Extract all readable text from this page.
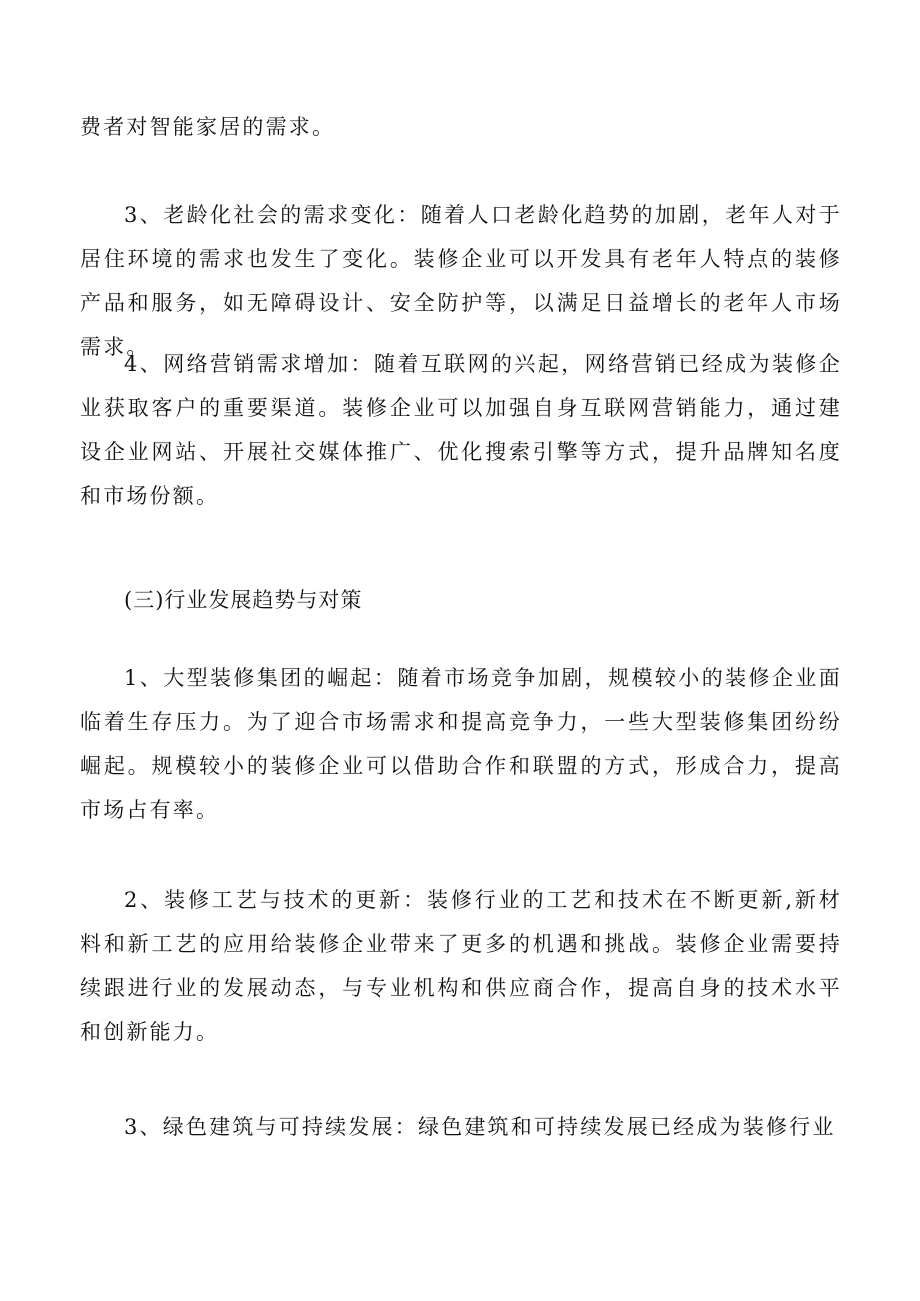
费者对智能家居的需求。

3、老龄化社会的需求变化：随着人口老龄化趋势的加剧，老年人对于居住环境的需求也发生了变化。装修企业可以开发具有老年人特点的装修产品和服务，如无障碍设计、安全防护等，以满足日益增长的老年人市场需求。

4、网络营销需求增加：随着互联网的兴起，网络营销已经成为装修企业获取客户的重要渠道。装修企业可以加强自身互联网营销能力，通过建设企业网站、开展社交媒体推广、优化搜索引擎等方式，提升品牌知名度和市场份额。

(三)行业发展趋势与对策

1、大型装修集团的崛起：随着市场竞争加剧，规模较小的装修企业面临着生存压力。为了迎合市场需求和提高竞争力，一些大型装修集团纷纷崛起。规模较小的装修企业可以借助合作和联盟的方式，形成合力，提高市场占有率。

2、装修工艺与技术的更新：装修行业的工艺和技术在不断更新,新材料和新工艺的应用给装修企业带来了更多的机遇和挑战。装修企业需要持续跟进行业的发展动态，与专业机构和供应商合作，提高自身的技术水平和创新能力。

3、绿色建筑与可持续发展：绿色建筑和可持续发展已经成为装修行业
